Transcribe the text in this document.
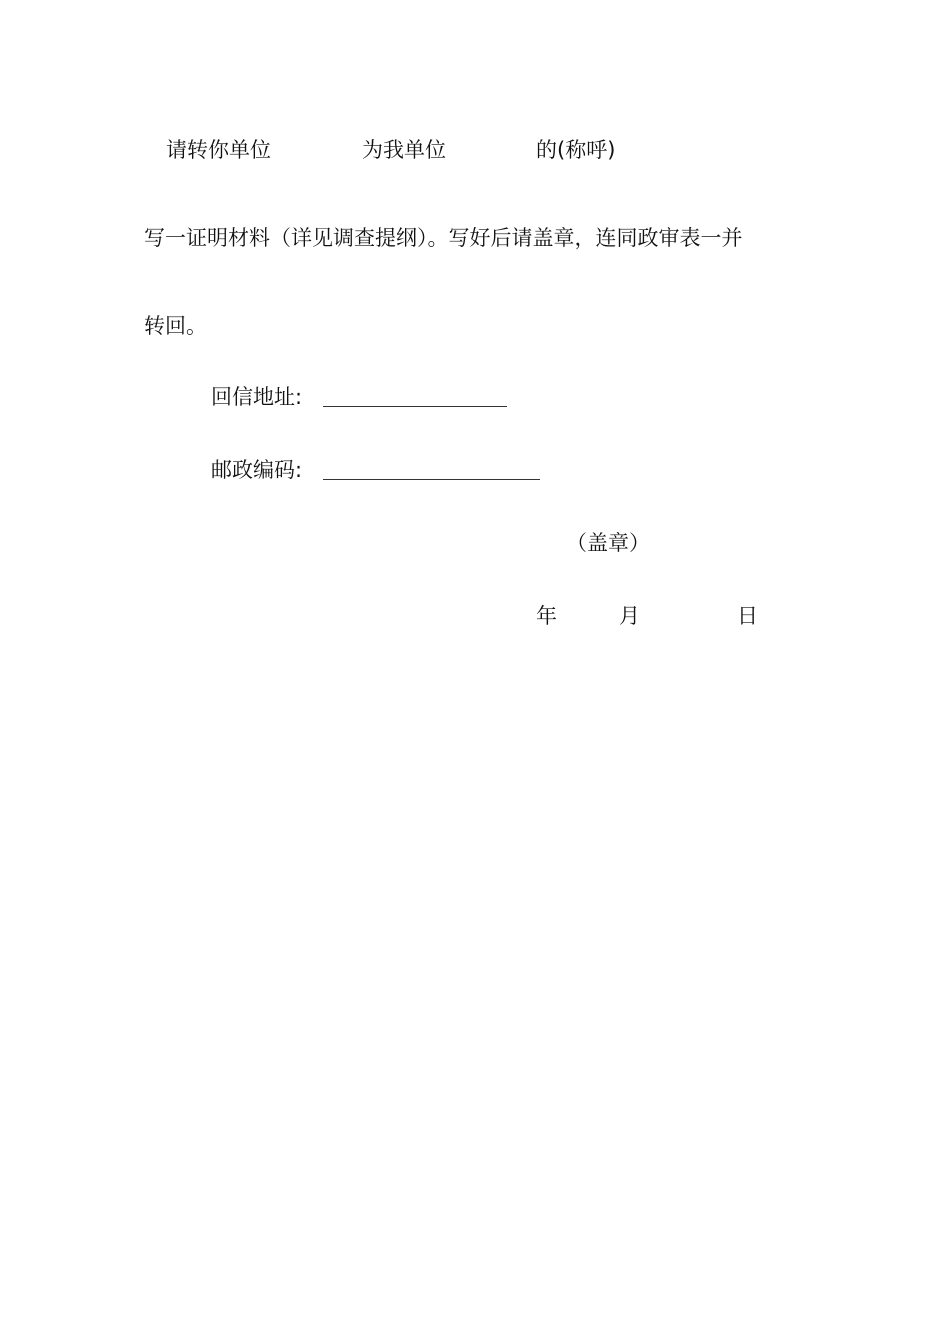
请转你单位	为我单位	的(称呼)
写一证明材料（详见调查提纲）。写好后请盖章，连同政审表一并
转回。
回信地址:
邮政编码:
（盖章）
年	月	日
